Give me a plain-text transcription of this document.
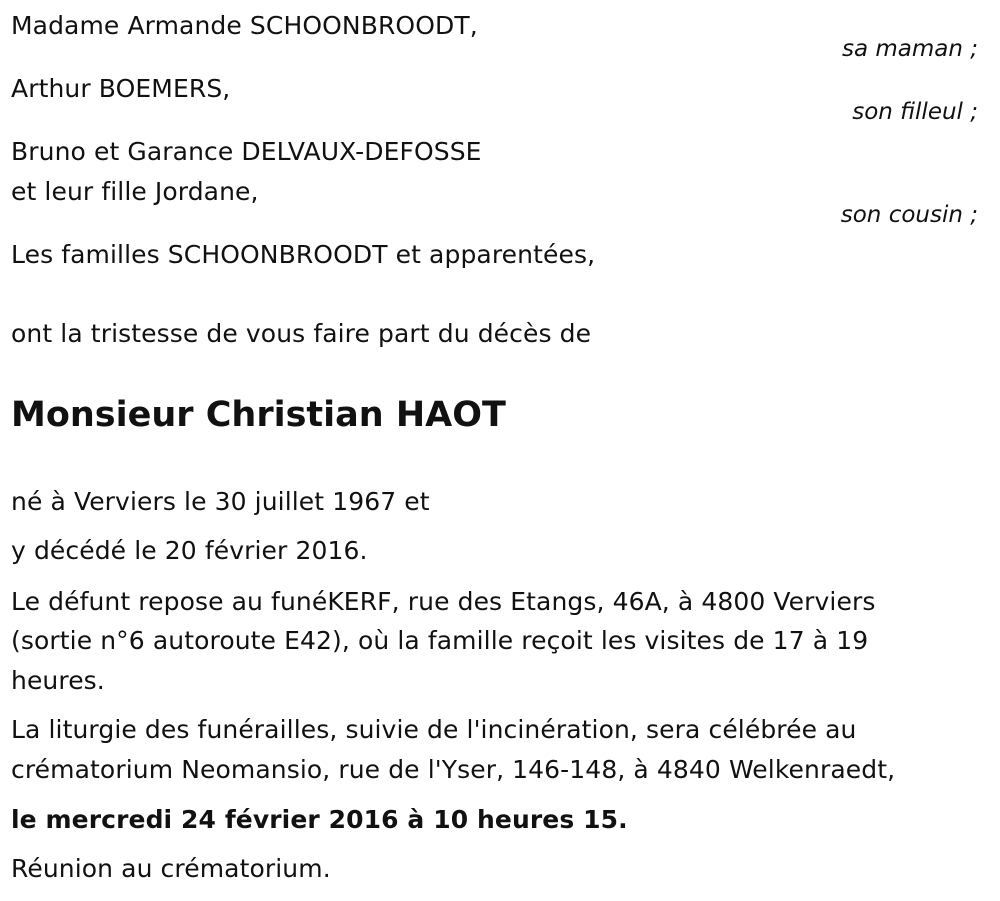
Madame Armande SCHOONBROODT,
sa maman ;
Arthur BOEMERS,
son filleul ;
Bruno et Garance DELVAUX-DEFOSSE
et leur fille Jordane,
son cousin ;
Les familles SCHOONBROODT et apparentées,
ont la tristesse de vous faire part du décès de
Monsieur Christian HAOT
né à Verviers le 30 juillet 1967 et
y décédé le 20 février 2016.
Le défunt repose au funéKERF, rue des Etangs, 46A, à 4800 Verviers
(sortie n°6 autoroute E42), où la famille reçoit les visites de 17 à 19
heures.
La liturgie des funérailles, suivie de l'incinération, sera célébrée au
crématorium Neomansio, rue de l'Yser, 146-148, à 4840 Welkenraedt,
le mercredi 24 février 2016 à 10 heures 15.
Réunion au crématorium.
